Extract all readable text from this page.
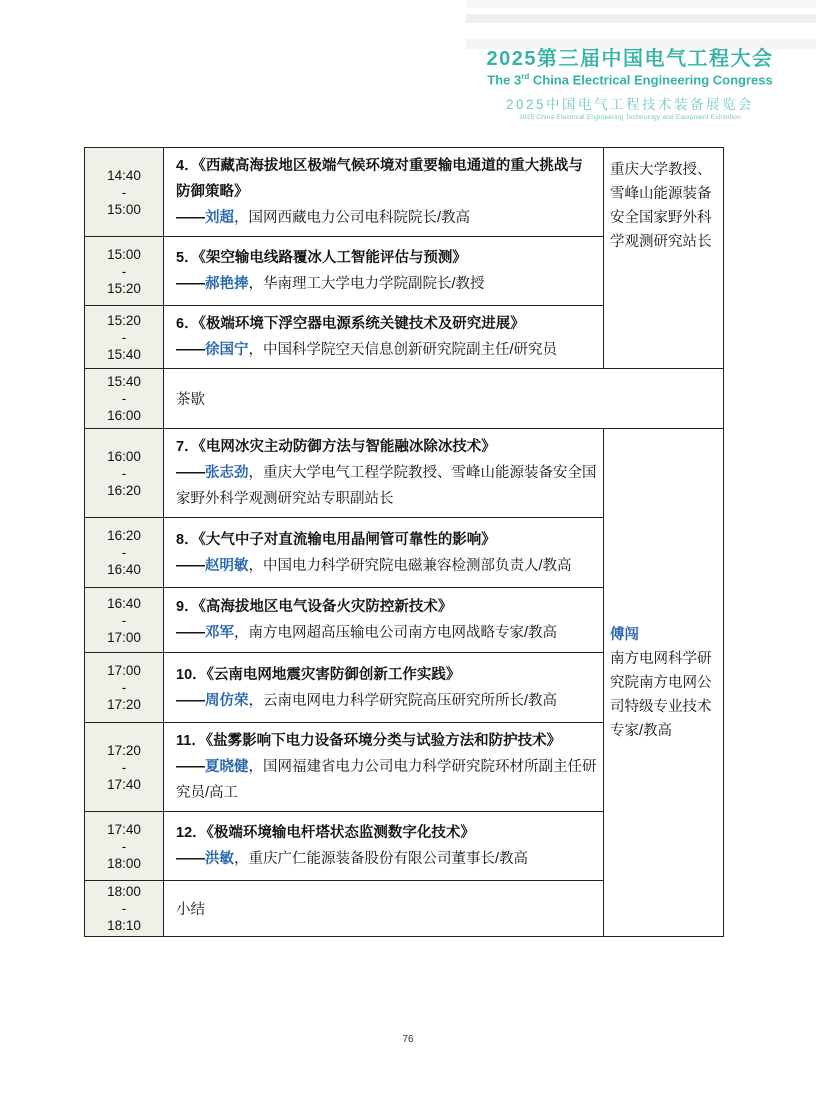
2025第三届中国电气工程大会
The 3rd China Electrical Engineering Congress
2025中国电气工程技术装备展览会
2025 China Electrical Engineering Technology and Equipment Exhibition
14:40
-
15:00

4．《西藏高海拔地区极端气候环境对重要输电通道的重大挑战与防御策略》
——刘超，国网西藏电力公司电科院院长/教高

重庆大学教授、雪峰山能源装备安全国家野外科学观测研究站长

15:00
-
15:20

5．《架空输电线路覆冰人工智能评估与预测》
——郝艳捧，华南理工大学电力学院副院长/教授

15:20
-
15:40

6．《极端环境下浮空器电源系统关键技术及研究进展》
——徐国宁，中国科学院空天信息创新研究院副主任/研究员

15:40
-
16:00	茶歇	

16:00
-
16:20

7．《电网冰灾主动防御方法与智能融冰除冰技术》
——张志劲，重庆大学电气工程学院教授、雪峰山能源装备安全国家野外科学观测研究站专职副站长

傅闯
南方电网科学研究院南方电网公司特级专业技术专家/教高

16:20
-
16:40

8．《大气中子对直流输电用晶闸管可靠性的影响》
——赵明敏，中国电力科学研究院电磁兼容检测部负责人/教高

16:40
-
17:00

9．《高海拔地区电气设备火灾防控新技术》
——邓军，南方电网超高压输电公司南方电网战略专家/教高

17:00
-
17:20

10．《云南电网地震灾害防御创新工作实践》
——周仿荣，云南电网电力科学研究院高压研究所所长/教高

17:20
-
17:40

11．《盐雾影响下电力设备环境分类与试验方法和防护技术》
——夏晓健，国网福建省电力公司电力科学研究院环材所副主任研究员/高工

17:40
-
18:00

12．《极端环境输电杆塔状态监测数字化技术》
——洪敏，重庆广仁能源装备股份有限公司董事长/教高

18:00
-
18:10	小结	
76
